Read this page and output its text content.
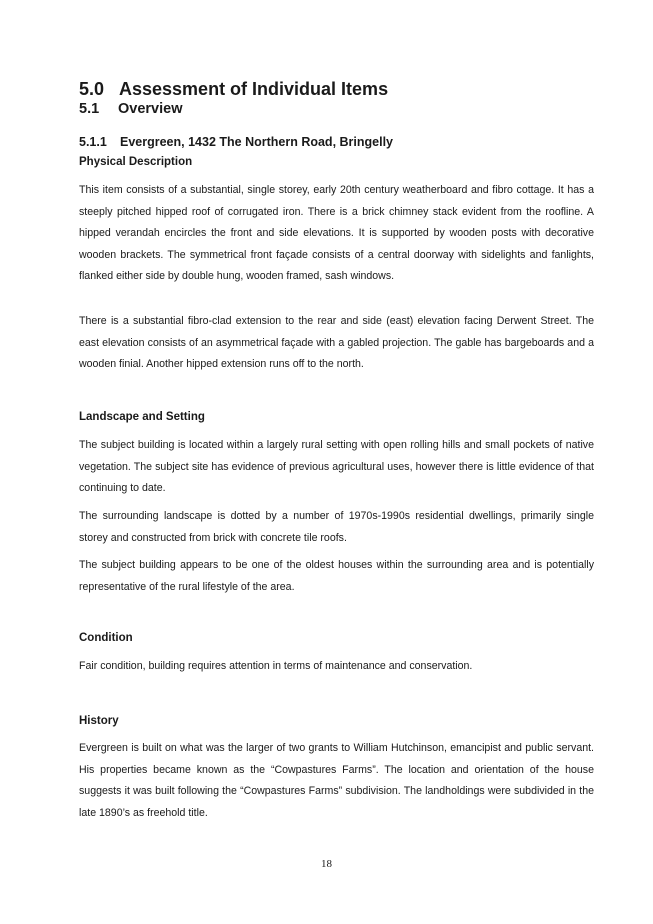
5.0 Assessment of Individual Items
5.1 Overview
5.1.1 Evergreen, 1432 The Northern Road, Bringelly
Physical Description

This item consists of a substantial, single storey, early 20th century weatherboard and fibro cottage. It has a steeply pitched hipped roof of corrugated iron. There is a brick chimney stack evident from the roofline. A hipped verandah encircles the front and side elevations. It is supported by wooden posts with decorative wooden brackets. The symmetrical front façade consists of a central doorway with sidelights and fanlights, flanked either side by double hung, wooden framed, sash windows.

There is a substantial fibro-clad extension to the rear and side (east) elevation facing Derwent Street. The east elevation consists of an asymmetrical façade with a gabled projection. The gable has bargeboards and a wooden finial. Another hipped extension runs off to the north.

Landscape and Setting

The subject building is located within a largely rural setting with open rolling hills and small pockets of native vegetation. The subject site has evidence of previous agricultural uses, however there is little evidence of that continuing to date.

The surrounding landscape is dotted by a number of 1970s-1990s residential dwellings, primarily single storey and constructed from brick with concrete tile roofs.

The subject building appears to be one of the oldest houses within the surrounding area and is potentially representative of the rural lifestyle of the area.

Condition

Fair condition, building requires attention in terms of maintenance and conservation.

History

Evergreen is built on what was the larger of two grants to William Hutchinson, emancipist and public servant. His properties became known as the “Cowpastures Farms”. The location and orientation of the house suggests it was built following the “Cowpastures Farms” subdivision. The landholdings were subdivided in the late 1890’s as freehold title.

18
